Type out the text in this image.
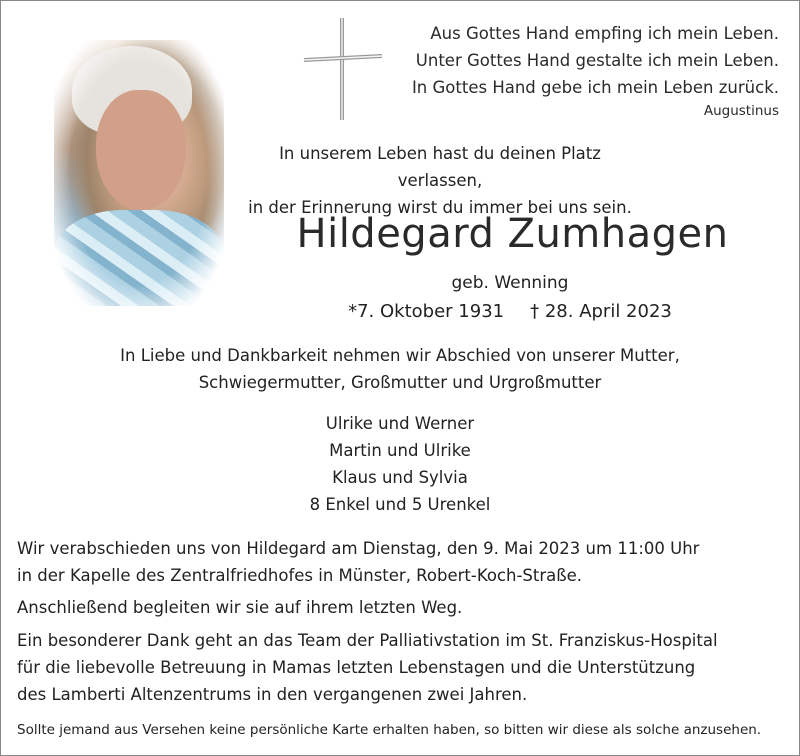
Aus Gottes Hand empfing ich mein Leben.
Unter Gottes Hand gestalte ich mein Leben.
In Gottes Hand gebe ich mein Leben zurück.
Augustinus
In unserem Leben hast du deinen Platz verlassen,
in der Erinnerung wirst du immer bei uns sein.
Hildegard Zumhagen
geb. Wenning
*7. Oktober 1931 † 28. April 2023
In Liebe und Dankbarkeit nehmen wir Abschied von unserer Mutter,
Schwiegermutter, Großmutter und Urgroßmutter
Ulrike und Werner
Martin und Ulrike
Klaus und Sylvia
8 Enkel und 5 Urenkel
Wir verabschieden uns von Hildegard am Dienstag, den 9. Mai 2023 um 11:00 Uhr
in der Kapelle des Zentralfriedhofes in Münster, Robert-Koch-Straße.
Anschließend begleiten wir sie auf ihrem letzten Weg.
Ein besonderer Dank geht an das Team der Palliativstation im St. Franziskus-Hospital
für die liebevolle Betreuung in Mamas letzten Lebenstagen und die Unterstützung
des Lamberti Altenzentrums in den vergangenen zwei Jahren.
Sollte jemand aus Versehen keine persönliche Karte erhalten haben, so bitten wir diese als solche anzusehen.
